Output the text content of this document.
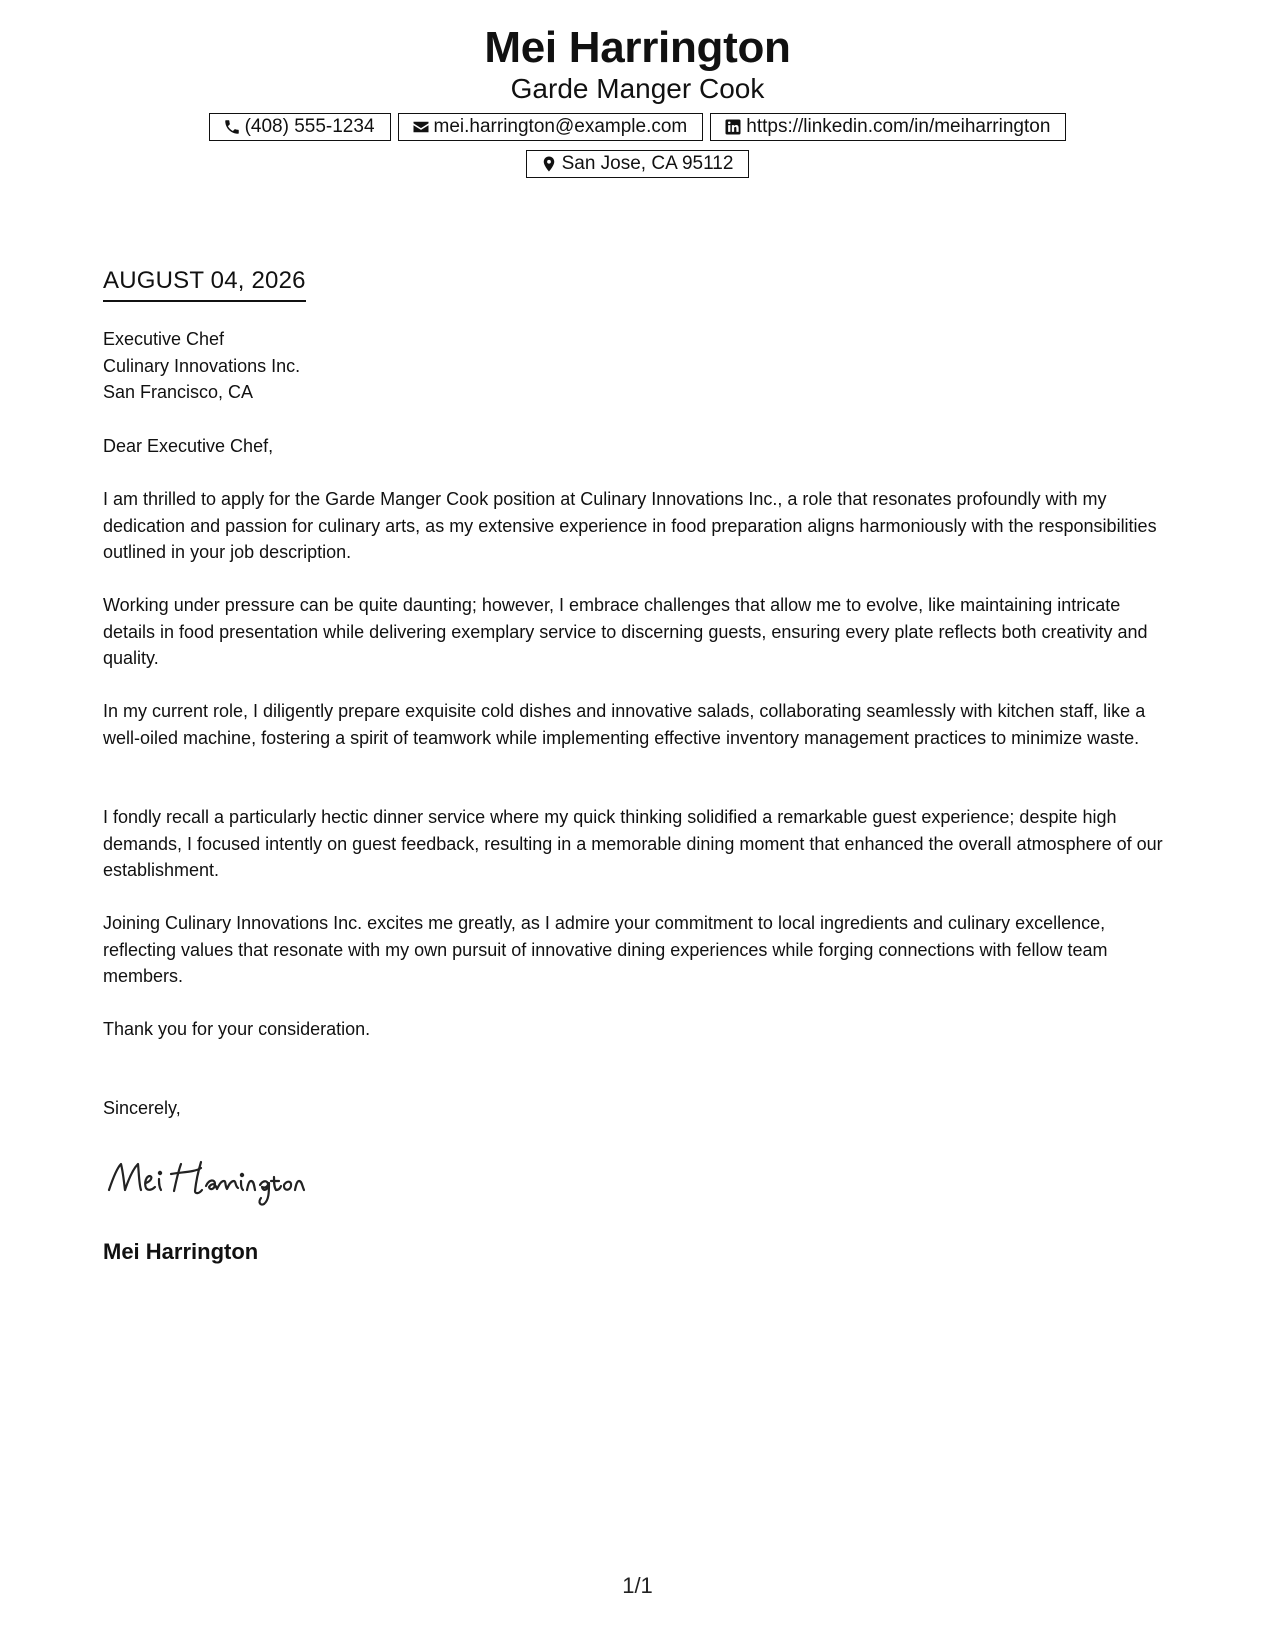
Mei Harrington
Garde Manger Cook
(408) 555-1234	mei.harrington@example.com	https://linkedin.com/in/meiharrington
San Jose, CA 95112
AUGUST 04, 2026
Executive Chef
Culinary Innovations Inc.
San Francisco, CA
Dear Executive Chef,
I am thrilled to apply for the Garde Manger Cook position at Culinary Innovations Inc., a role that resonates profoundly with my dedication and passion for culinary arts, as my extensive experience in food preparation aligns harmoniously with the responsibilities outlined in your job description.
Working under pressure can be quite daunting; however, I embrace challenges that allow me to evolve, like maintaining intricate details in food presentation while delivering exemplary service to discerning guests, ensuring every plate reflects both creativity and quality.
In my current role, I diligently prepare exquisite cold dishes and innovative salads, collaborating seamlessly with kitchen staff, like a well-oiled machine, fostering a spirit of teamwork while implementing effective inventory management practices to minimize waste.
I fondly recall a particularly hectic dinner service where my quick thinking solidified a remarkable guest experience; despite high demands, I focused intently on guest feedback, resulting in a memorable dining moment that enhanced the overall atmosphere of our establishment.
Joining Culinary Innovations Inc. excites me greatly, as I admire your commitment to local ingredients and culinary excellence, reflecting values that resonate with my own pursuit of innovative dining experiences while forging connections with fellow team members.
Thank you for your consideration.
Sincerely,
Mei Harrington
1/1
